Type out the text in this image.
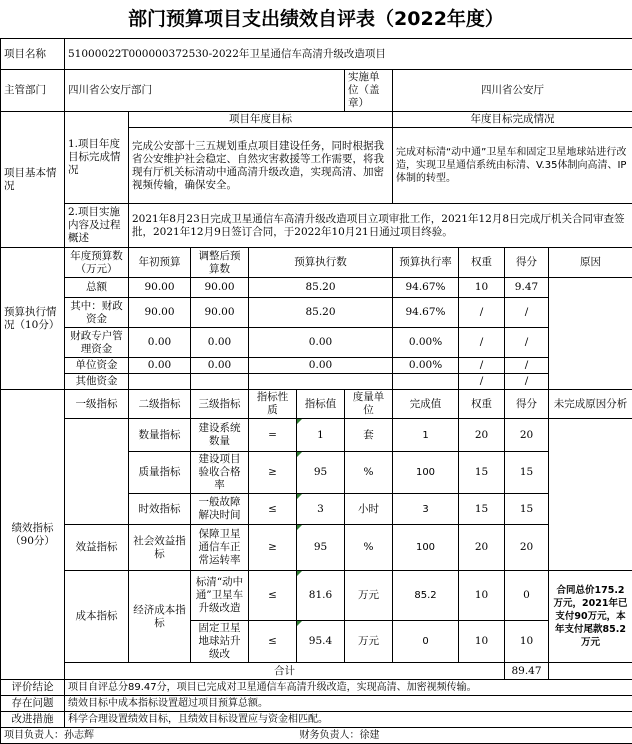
部门预算项目支出绩效自评表（2022年度）
项目名称	51000022T000000372530-2022年卫星通信车高清升级改造项目									
主管部门	四川省公安厅部门					实施单位（盖章）	四川省公安厅			
项目基本情况	1.项目年度目标完成情况	项目年度目标					年度目标完成情况			
		完成公安部十三五规划重点项目建设任务，同时根据我省公安维护社会稳定、自然灾害救援等工作需要，将我现有厅机关标清动中通高清升级改造，实现高清、加密视频传输，确保安全。					完成对标清“动中通”卫星车和固定卫星地球站进行改造，实现卫星通信系统由标清、V.35体制向高清、IP体制的转型。			
	2.项目实施内容及过程概述	2021年8月23日完成卫星通信车高清升级改造项目立项审批工作，2021年12月8日完成厅机关合同审查签批，2021年12月9日签订合同，于2022年10月21日通过项目终验。								
预算执行情况（10分）	年度预算数（万元）	年初预算	调整后预算数	预算执行数			预算执行率	权重	得分	原因
	总额	90.00	90.00	85.20			94.67%	10	9.47	
	其中：财政资金	90.00	90.00	85.20			94.67%	/	/	
	财政专户管理资金	0.00	0.00	0.00			0.00%	/	/	
	单位资金	0.00	0.00	0.00			0.00%	/	/	
	其他资金							/	/	
绩效指标（90分）	一级指标	二级指标	三级指标	指标性质	指标值	度量单位	完成值	权重	得分	未完成原因分析
		数量指标	建设系统数量	=	1	套	1	20	20	
		质量指标	建设项目验收合格率	≥	95	%	100	15	15	
		时效指标	一般故障解决时间	≤	3	小时	3	15	15	
	效益指标	社会效益指标	保障卫星通信车正常运转率	≥	95	%	100	20	20	
	成本指标	经济成本指标	标清“动中通”卫星车升级改造	≤	81.6	万元	85.2	10	0	合同总价175.2万元，2021年已支付90万元，本年支付尾款85.2万元
			固定卫星地球站升级改	≤	95.4	万元	0	10	10	
	合计								89.47	
评价结论	项目自评总分89.47分，项目已完成对卫星通信车高清升级改造，实现高清、加密视频传输。									
存在问题	绩效目标中成本指标设置超过项目预算总额。									
改进措施	科学合理设置绩效目标，且绩效目标设置应与资金相匹配。									
项目负责人：孙志辉					财务负责人：徐建					
